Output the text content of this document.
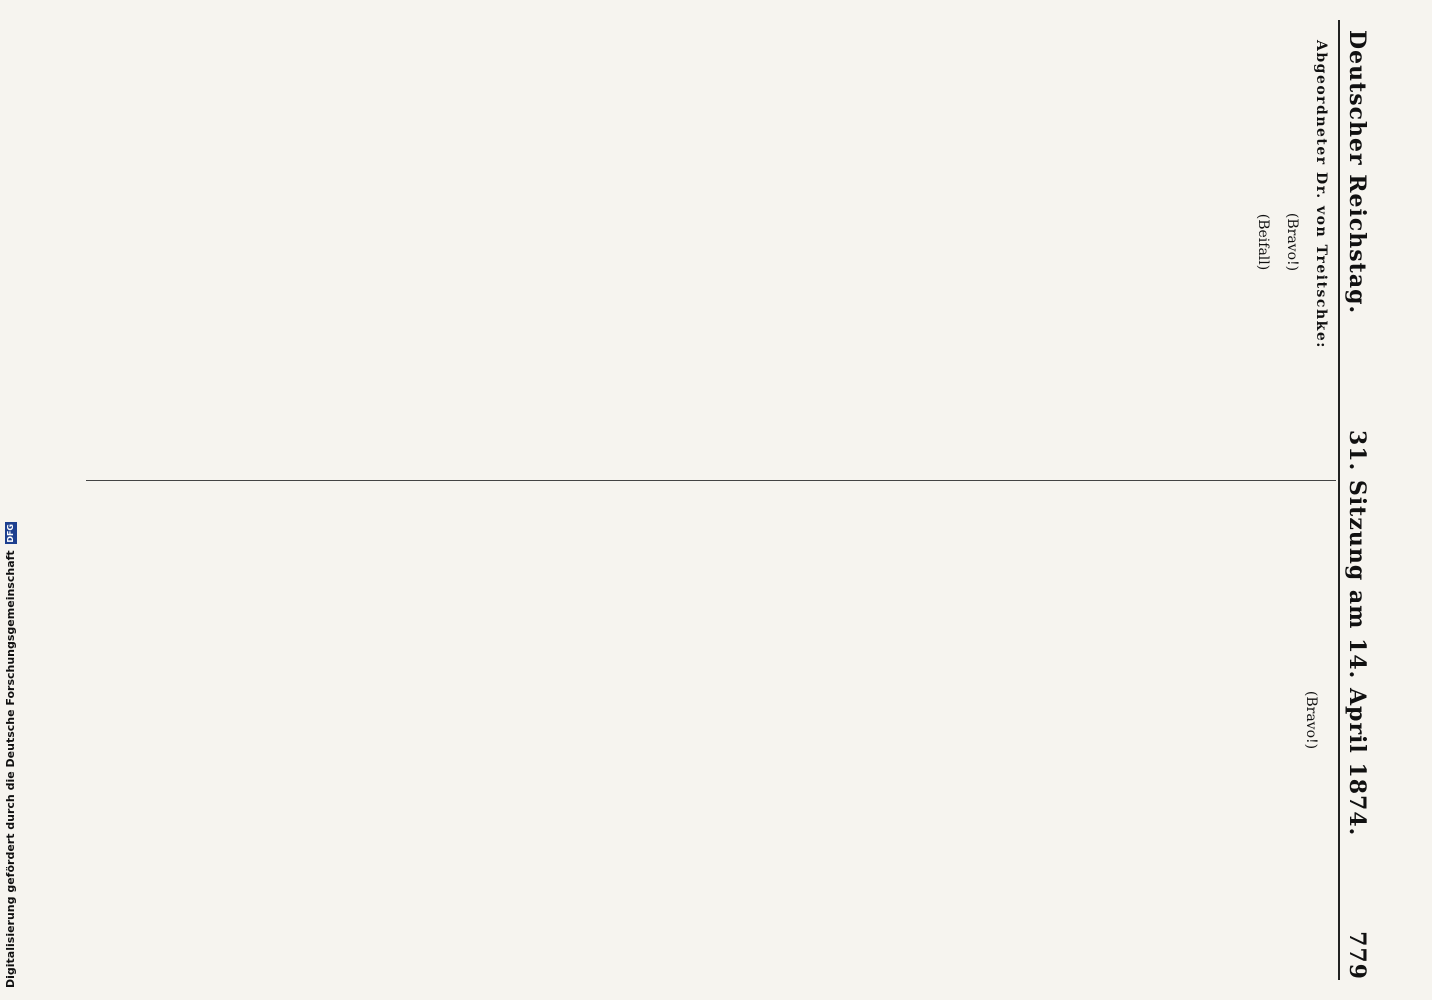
Deutscher Reichstag.
31. Sitzung am 14. April 1874.
779

Abgeordneter Dr. von Treitschke:

(Bravo!)

(Beifall)

(Bravo!)

Digitalisierung gefördert durch die Deutsche ForschungsgemeinschaftDFG
